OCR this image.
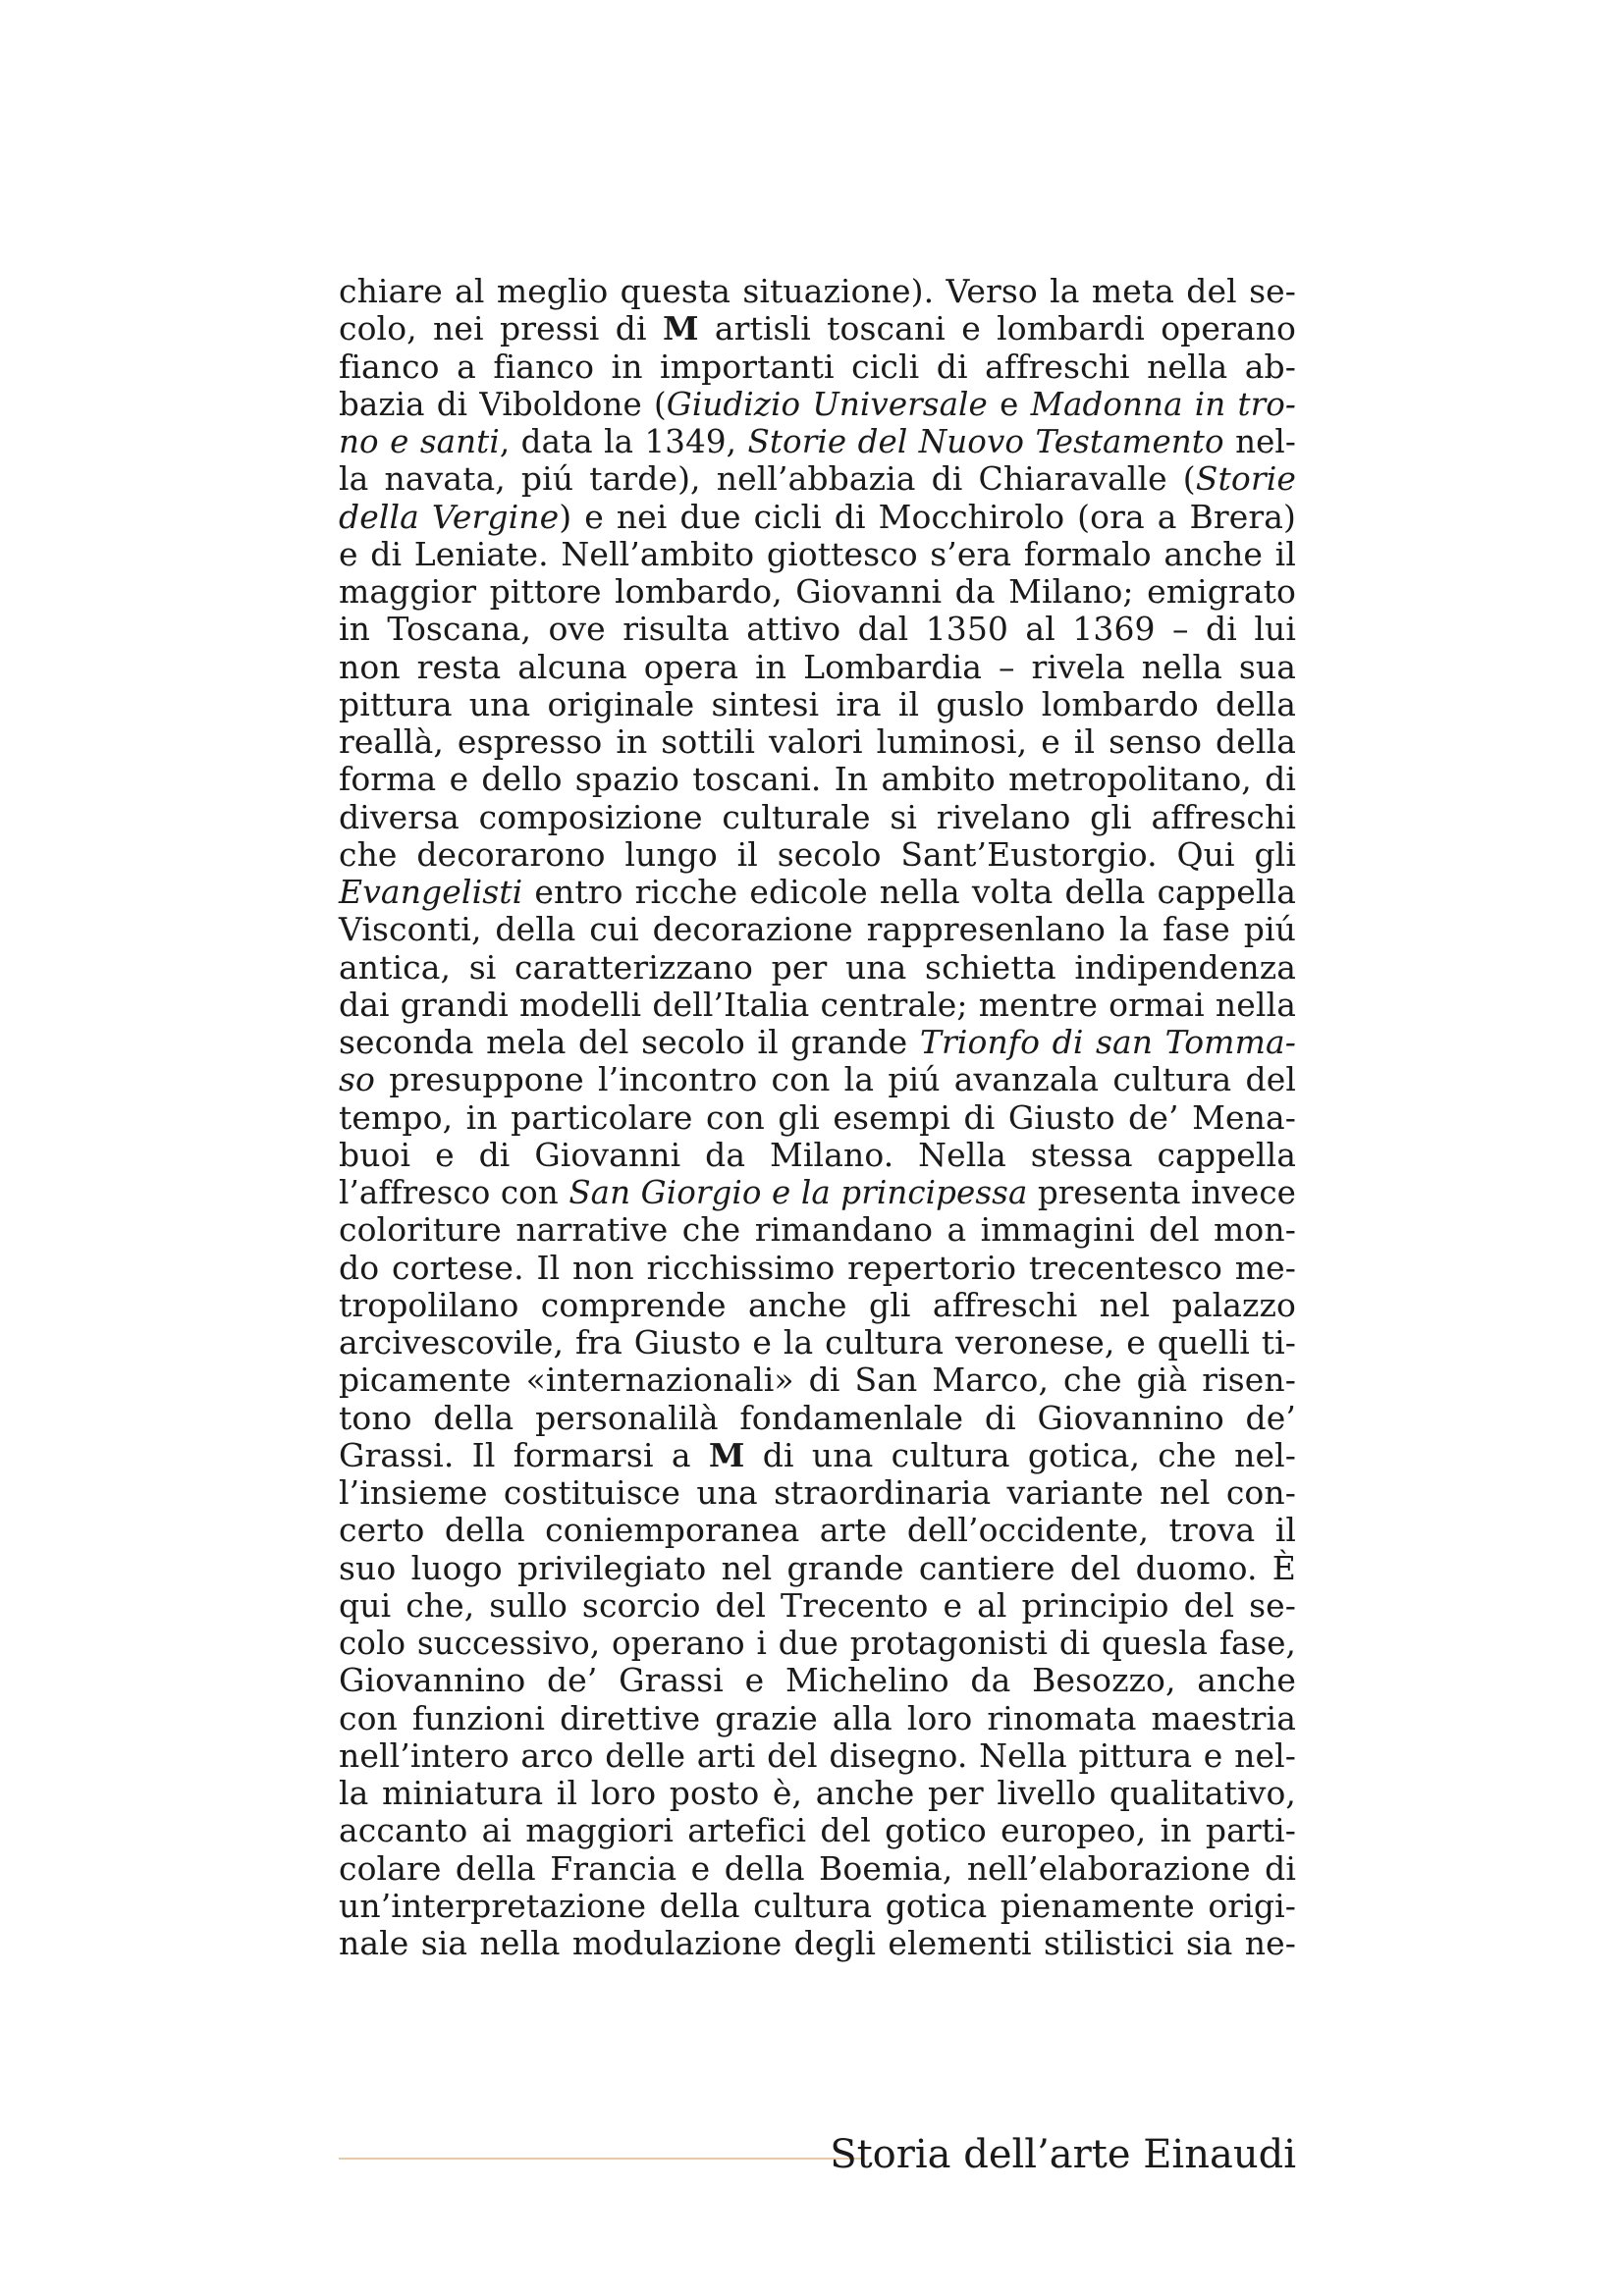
chiare al meglio questa situazione). Verso la meta del se-
colo, nei pressi di M artisli toscani e lombardi operano
fianco a fianco in importanti cicli di affreschi nella ab-
bazia di Viboldone (Giudizio Universale e Madonna in tro-
no e santi, data la 1349, Storie del Nuovo Testamento nel-
la navata, piú tarde), nell’abbazia di Chiaravalle (Storie
della Vergine) e nei due cicli di Mocchirolo (ora a Brera)
e di Leniate. Nell’ambito giottesco s’era formalo anche il
maggior pittore lombardo, Giovanni da Milano; emigrato
in Toscana, ove risulta attivo dal 1350 al 1369 – di lui
non resta alcuna opera in Lombardia – rivela nella sua
pittura una originale sintesi ira il guslo lombardo della
reallà, espresso in sottili valori luminosi, e il senso della
forma e dello spazio toscani. In ambito metropolitano, di
diversa composizione culturale si rivelano gli affreschi
che decorarono lungo il secolo Sant’Eustorgio. Qui gli
Evangelisti entro ricche edicole nella volta della cappella
Visconti, della cui decorazione rappresenlano la fase piú
antica, si caratterizzano per una schietta indipendenza
dai grandi modelli dell’Italia centrale; mentre ormai nella
seconda mela del secolo il grande Trionfo di san Tomma-
so presuppone l’incontro con la piú avanzala cultura del
tempo, in particolare con gli esempi di Giusto de’ Mena-
buoi e di Giovanni da Milano. Nella stessa cappella
l’affresco con San Giorgio e la principessa presenta invece
coloriture narrative che rimandano a immagini del mon-
do cortese. Il non ricchissimo repertorio trecentesco me-
tropolilano comprende anche gli affreschi nel palazzo
arcivescovile, fra Giusto e la cultura veronese, e quelli ti-
picamente «internazionali» di San Marco, che già risen-
tono della personalilà fondamenlale di Giovannino de’
Grassi. Il formarsi a M di una cultura gotica, che nel-
l’insieme costituisce una straordinaria variante nel con-
certo della coniemporanea arte dell’occidente, trova il
suo luogo privilegiato nel grande cantiere del duomo. È
qui che, sullo scorcio del Trecento e al principio del se-
colo successivo, operano i due protagonisti di quesla fase,
Giovannino de’ Grassi e Michelino da Besozzo, anche
con funzioni direttive grazie alla loro rinomata maestria
nell’intero arco delle arti del disegno. Nella pittura e nel-
la miniatura il loro posto è, anche per livello qualitativo,
accanto ai maggiori artefici del gotico europeo, in parti-
colare della Francia e della Boemia, nell’elaborazione di
un’interpretazione della cultura gotica pienamente origi-
nale sia nella modulazione degli elementi stilistici sia ne-
Storia dell’arte Einaudi
